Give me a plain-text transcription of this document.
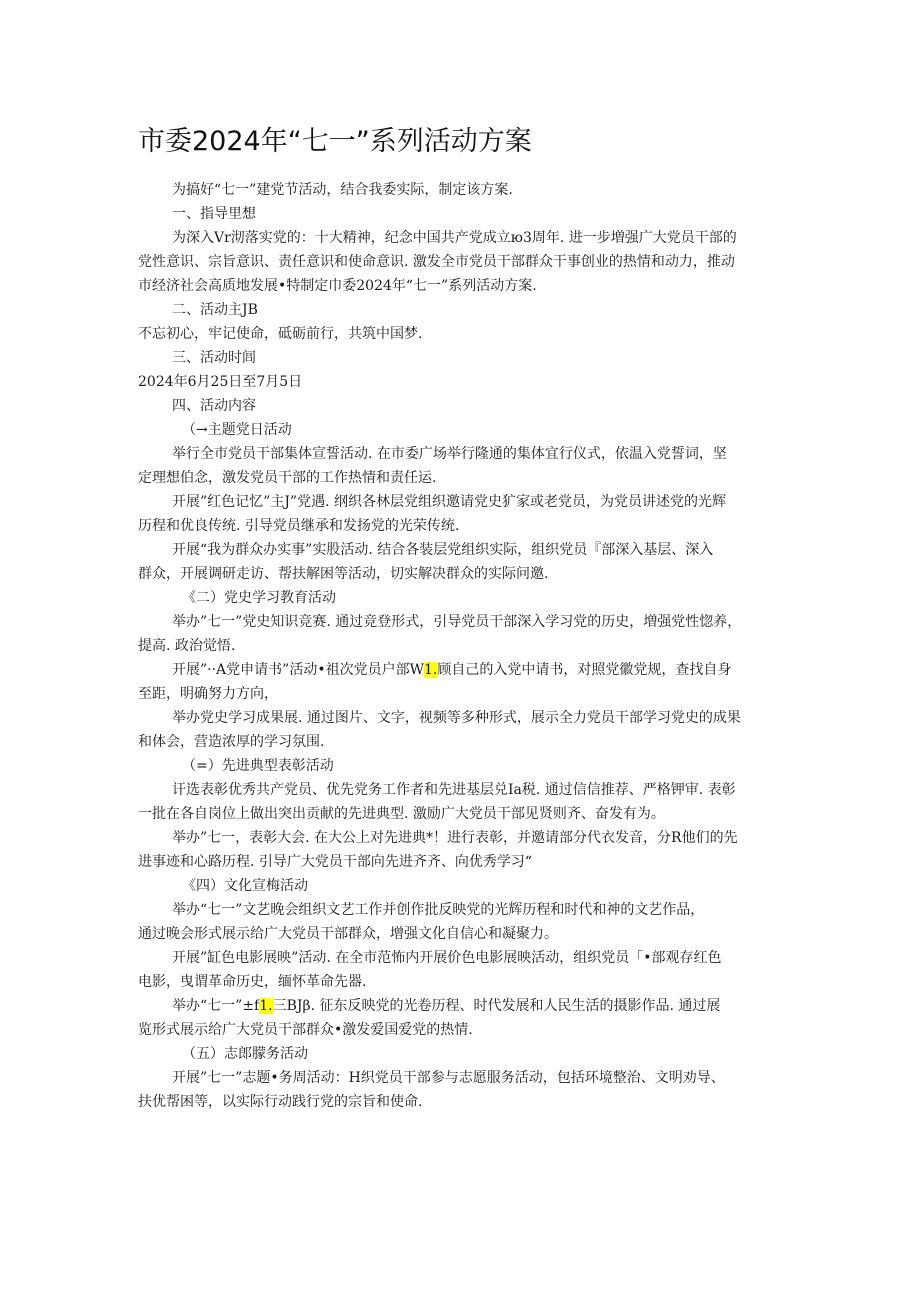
市委2024年“七一”系列活动方案
为搞好“七一”建党节活动，结合我委实际，制定该方案.
一、指导里想
为深入Vr沏落实党的：十大精神，纪念中国共产党成立ю3周年. 进一步増强广大党员干部的
党性意识、宗旨意识、责任意识和使命意识. 激发全市党员干部群众干事创业的热情和动力，推动
市经济社会高质地发展•特制定巾委2024年“七一”系列活动方案.
二、活动主JB
不忘初心，牢记使命，砥砺前行，共筑中国梦.
三、活动时闾
2024年6月25日至7月5日
四、活动内容
（→主题党日活动
举行全市党员干部集体宣誓活动. 在市委广场举行隆通的集体宜行仪式，依温入党誓词，坚
定理想伯念，激发党员干部的工作热情和责任运.
开展”红色记忆”主J”党遇. 纲织各林层党组织邀请党史犷家或老党员，为党员讲述党的光辉
历程和优良传统. 引导党员继承和发扬党的光荣传统.
开展“我为群众办实事”实股活动. 结合各装层党组织实际，组织党员『部深入基层、深入
群众，开展调研走访、帮扶解困等活动，切实解决群众的实际问邀.
《二）党史学习教育活动
举办”七一”党史知识竞赛. 通过竞登形式，引导党员干部深入学习党的历史，増强党性惚养，
提高. 政治觉悟.
开展”··A党申请书”活动•祖次党员户部W1.顾自己的入党中请书，对照党徽党规，查找自身
至距，明确努力方向，
举办党史学习成果展. 通过图片、文字，视频等多种形式，展示全力党员干部学习党史的成果
和体会，营造浓厚的学习氛围.
（=）先进典型表彰活动
讦选表彰优秀共产党员、优先党务工作者和先进基层兑Ia税. 通过信信推荐、严格钾审. 表彰
一批在各自岗位上做出突出贡献的先进典型. 激励广大党员干部见贤则齐、奋发有为。
举办”七一，表彰大会. 在大公上对先进典*！进行表彰，并邀请部分代衣发音，分R他们的先
进事迹和心路历程. 引导广大党员干部向先进齐齐、向优秀学习“
《四）文化宣梅活动
举办“七一”文艺晚会组织文艺工作并创作批反映党的光辉历程和时代和神的文艺作品，
通过晚会形式展示给广大党员干部群众，增强文化自信心和凝聚力。
开展”缸色电影展映”活动. 在全市范怖内开展价色电影展映活动，组织党员「•部观存红色
电影，曳谓革命历史，缅怀革命先器.
举办“七一”±f1.三BJβ. 征东反映党的光卷历程、时代发展和人民生活的摄影作品. 通过展
览形式展示给广大党员干部群众•激发爱国爱党的热情.
（五）志郎朦务活动
开展”七一”志题•务周活动：H织党员干部参与志愿服务活动，包括环境整治、文明劝导、
扶优帮困等，以实际行动践行党的宗旨和使命.
